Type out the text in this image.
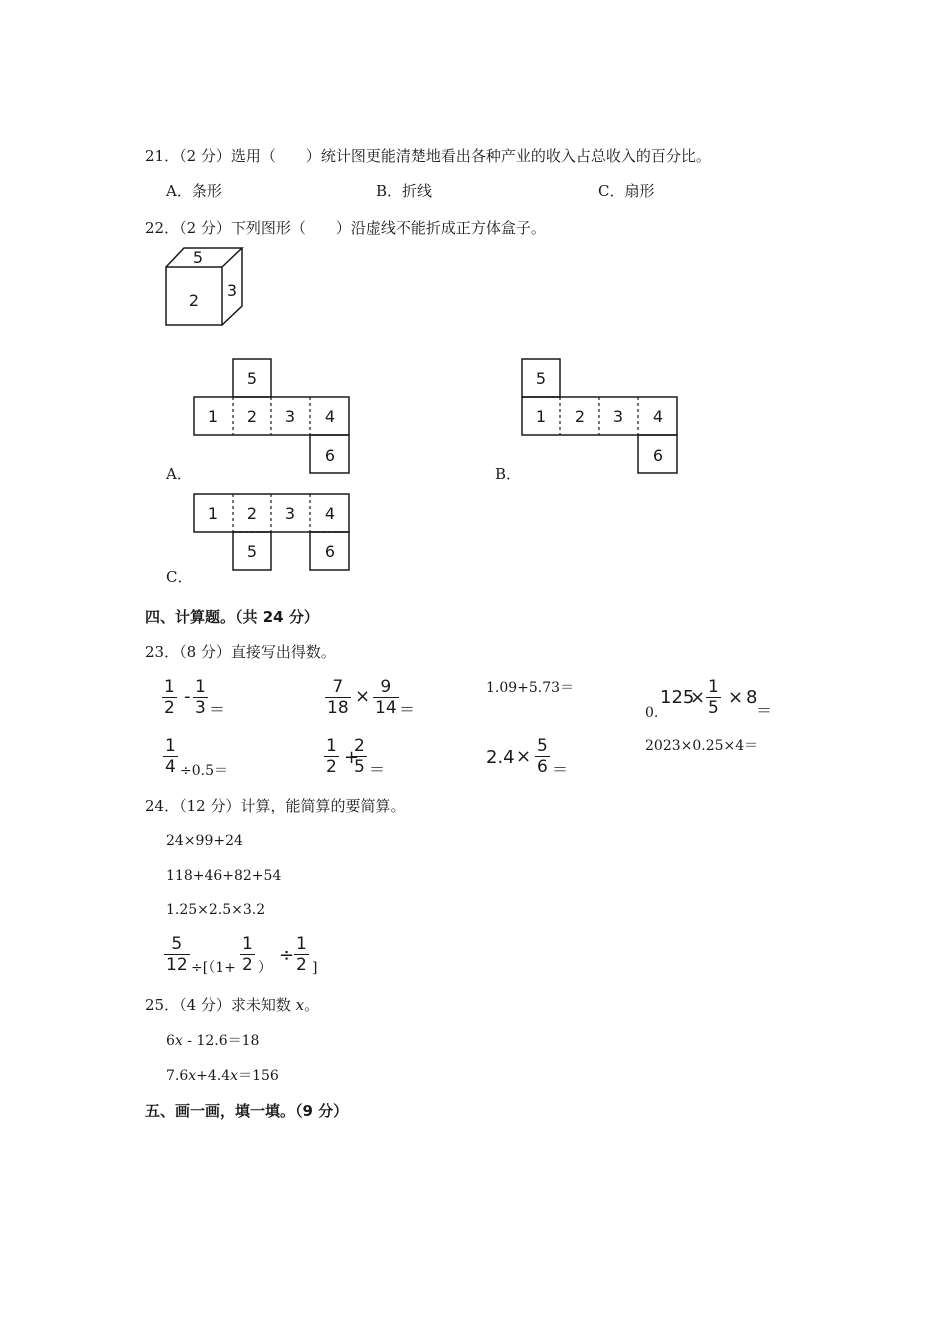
21．（2 分）选用（　　）统计图更能清楚地看出各种产业的收入占总收入的百分比。
A．条形	B．折线	C．扇形
22．（2 分）下列图形（　　）沿虚线不能折成正方体盒子。
5
2
3
5
1 2 3 4
6
A．
5
1 2 3 4
6
B．
1 2 3 4
5	6
C．
四、计算题。（共 24 分）
23．（8 分）直接写出得数。
1
2
- 1
3 ＝
7
18
× 9
14 ＝
1.09+5.73＝
0.
125
× 1
5 × 8
＝
1
4 ÷0.5＝
1
2 +
2
5 ＝
2.4 × 5
6 ＝
2023×0.25×4＝
24．（12 分）计算，能简算的要简算。
24×99+24
118+46+82+54
1.25×2.5×3.2
5
12 ÷[（1+
1
2 ）
÷
1
2 ]
25．（4 分）求未知数 x。
6x - 12.6＝18
7.6x+4.4x＝156
五、画一画，填一填。（9 分）
